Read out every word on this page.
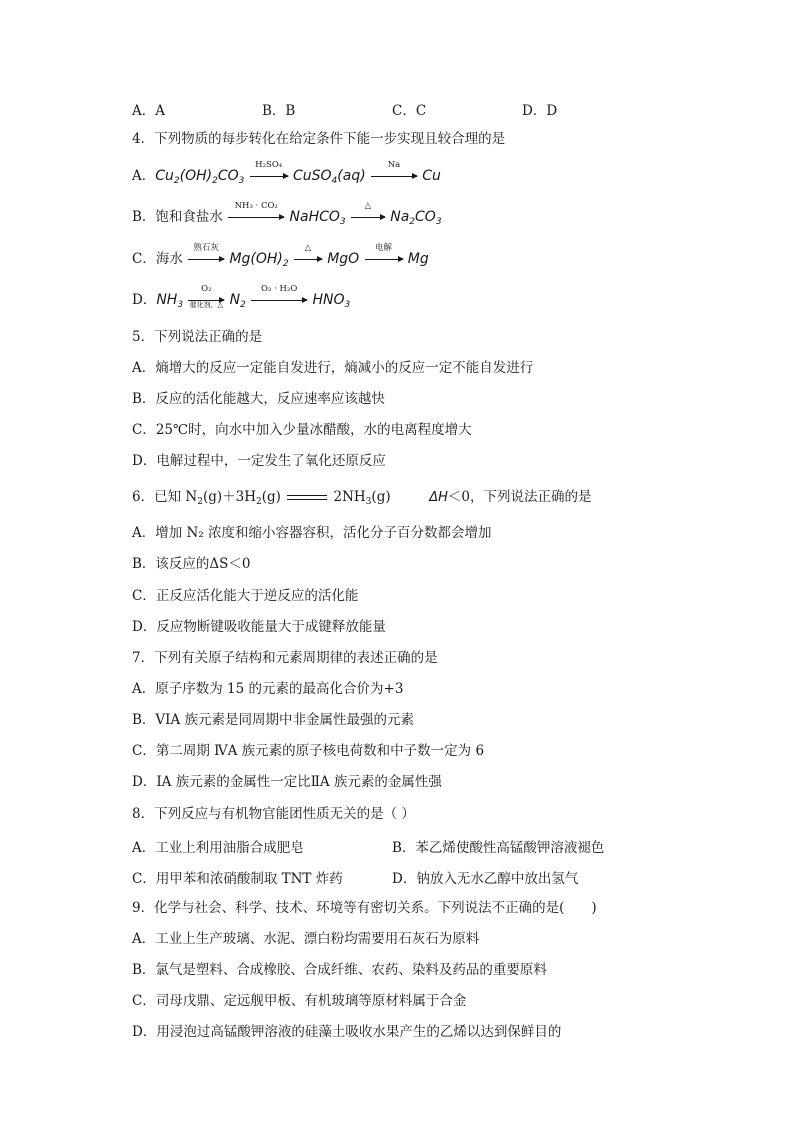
A．A	B．B	C．C	D．D
4．下列物质的每步转化在给定条件下能一步实现且较合理的是
A．$Cu_2(OH)_2CO_3$
H₂SO₄
CuSO$_4$(aq)
Na
Cu
B．饱和食盐水
NH₃ · CO₂
NaHCO$_3$
△
$Na_2CO_3$
C．海水
熟石灰
$Mg(OH)_2$
△
MgO
电解
Mg
D．$NH_3$
O₂
催化剂，△ $N_2$
O₂ · H₂O
$HNO_3$
5．下列说法正确的是
A．熵增大的反应一定能自发进行，熵减小的反应一定不能自发进行
B．反应的活化能越大，反应速率应该越快
C．25℃时，向水中加入少量冰醋酸，水的电离程度增大
D．电解过程中，一定发生了氧化还原反应
6．已知 $N_2(g)+3H_2(g)$	$2NH_3(g)$	ΔH＜0，下列说法正确的是
A．增加 N₂ 浓度和缩小容器容积，活化分子百分数都会增加
B．该反应的ΔS＜0
C．正反应活化能大于逆反应的活化能
D．反应物断键吸收能量大于成键释放能量
7．下列有关原子结构和元素周期律的表述正确的是
A．原子序数为 15 的元素的最高化合价为+3
B．VIA 族元素是同周期中非金属性最强的元素
C．第二周期 ⅣA 族元素的原子核电荷数和中子数一定为 6
D．ⅠA 族元素的金属性一定比ⅡA 族元素的金属性强
8．下列反应与有机物官能团性质无关的是（ ）
A．工业上利用油脂合成肥皂	B．苯乙烯使酸性高锰酸钾溶液褪色
C．用甲苯和浓硝酸制取 TNT 炸药	D．钠放入无水乙醇中放出氢气
9．化学与社会、科学、技术、环境等有密切关系。下列说法不正确的是(　　)
A．工业上生产玻璃、水泥、漂白粉均需要用石灰石为原料
B．氯气是塑料、合成橡胶、合成纤维、农药、染料及药品的重要原料
C．司母戊鼎、定远舰甲板、有机玻璃等原材料属于合金
D．用浸泡过高锰酸钾溶液的硅藻土吸收水果产生的乙烯以达到保鲜目的
